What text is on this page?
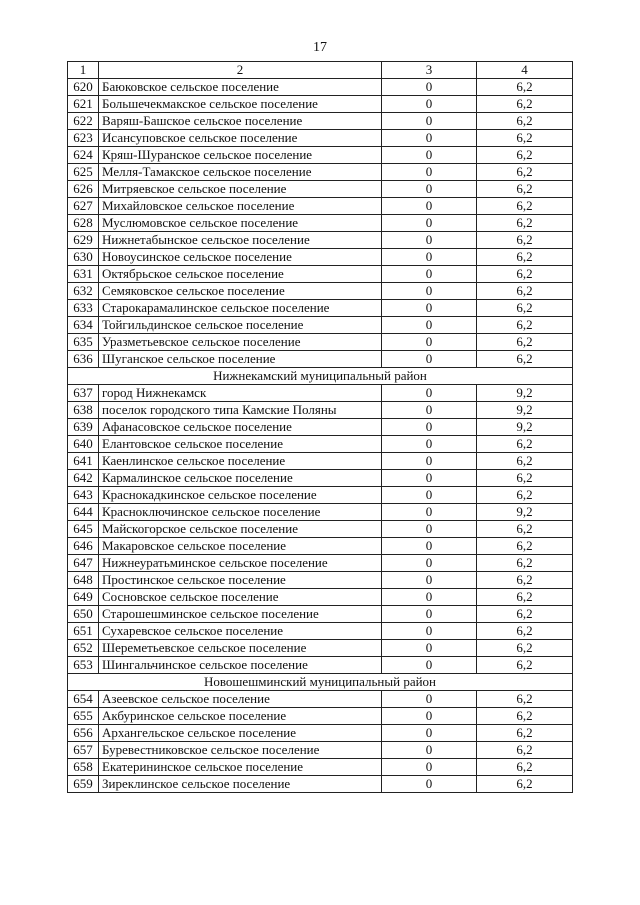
17
1	2	3	4
620	Баюковское сельское поселение	0	6,2
621	Большечекмакское сельское поселение	0	6,2
622	Варяш-Башское сельское поселение	0	6,2
623	Исансуповское сельское поселение	0	6,2
624	Кряш-Шуранское сельское поселение	0	6,2
625	Мелля-Тамакское сельское поселение	0	6,2
626	Митряевское сельское поселение	0	6,2
627	Михайловское сельское поселение	0	6,2
628	Муслюмовское сельское поселение	0	6,2
629	Нижнетабынское сельское поселение	0	6,2
630	Новоусинское сельское поселение	0	6,2
631	Октябрьское сельское поселение	0	6,2
632	Семяковское сельское поселение	0	6,2
633	Старокарамалинское сельское поселение	0	6,2
634	Тойгильдинское сельское поселение	0	6,2
635	Уразметьевское сельское поселение	0	6,2
636	Шуганское сельское поселение	0	6,2
Нижнекамский муниципальный район			
637	город Нижнекамск	0	9,2
638	поселок городского типа Камские Поляны	0	9,2
639	Афанасовское сельское поселение	0	9,2
640	Елантовское сельское поселение	0	6,2
641	Каенлинское сельское поселение	0	6,2
642	Кармалинское сельское поселение	0	6,2
643	Краснокадкинское сельское поселение	0	6,2
644	Красноключинское сельское поселение	0	9,2
645	Майскогорское сельское поселение	0	6,2
646	Макаровское сельское поселение	0	6,2
647	Нижнеуратьминское сельское поселение	0	6,2
648	Простинское сельское поселение	0	6,2
649	Сосновское сельское поселение	0	6,2
650	Старошешминское сельское поселение	0	6,2
651	Сухаревское сельское поселение	0	6,2
652	Шереметьевское сельское поселение	0	6,2
653	Шингальчинское сельское поселение	0	6,2
Новошешминский муниципальный район			
654	Азеевское сельское поселение	0	6,2
655	Акбуринское сельское поселение	0	6,2
656	Архангельское сельское поселение	0	6,2
657	Буревестниковское сельское поселение	0	6,2
658	Екатерининское сельское поселение	0	6,2
659	Зиреклинское сельское поселение	0	6,2
